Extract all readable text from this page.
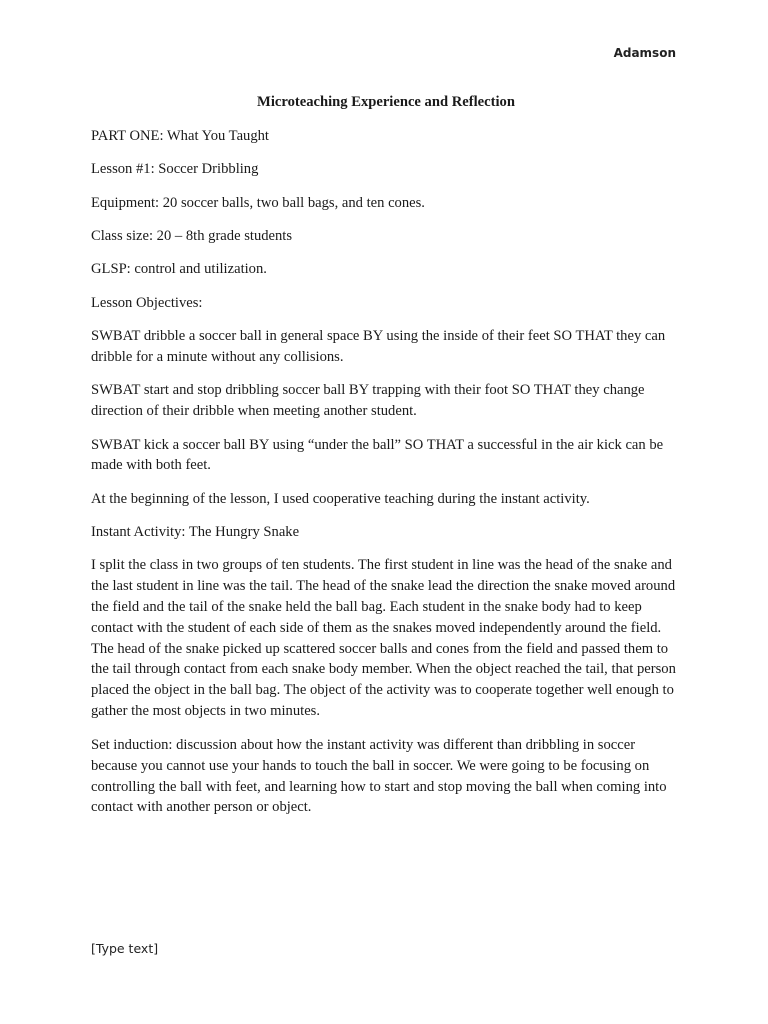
Adamson
Microteaching Experience and Reflection

PART ONE: What You Taught

Lesson #1: Soccer Dribbling

Equipment: 20 soccer balls, two ball bags, and ten cones.

Class size: 20 – 8th grade students

GLSP: control and utilization.

Lesson Objectives:

SWBAT dribble a soccer ball in general space BY using the inside of their feet SO THAT they can dribble for a minute without any collisions.

SWBAT start and stop dribbling soccer ball BY trapping with their foot SO THAT they change direction of their dribble when meeting another student.

SWBAT kick a soccer ball BY using “under the ball” SO THAT a successful in the air kick can be made with both feet.

At the beginning of the lesson, I used cooperative teaching during the instant activity.

Instant Activity: The Hungry Snake

I split the class in two groups of ten students. The first student in line was the head of the snake and the last student in line was the tail. The head of the snake lead the direction the snake moved around the field and the tail of the snake held the ball bag. Each student in the snake body had to keep contact with the student of each side of them as the snakes moved independently around the field. The head of the snake picked up scattered soccer balls and cones from the field and passed them to the tail through contact from each snake body member. When the object reached the tail, that person placed the object in the ball bag. The object of the activity was to cooperate together well enough to gather the most objects in two minutes.

Set induction: discussion about how the instant activity was different than dribbling in soccer because you cannot use your hands to touch the ball in soccer. We were going to be focusing on controlling the ball with feet, and learning how to start and stop moving the ball when coming into contact with another person or object.

[Type text]
